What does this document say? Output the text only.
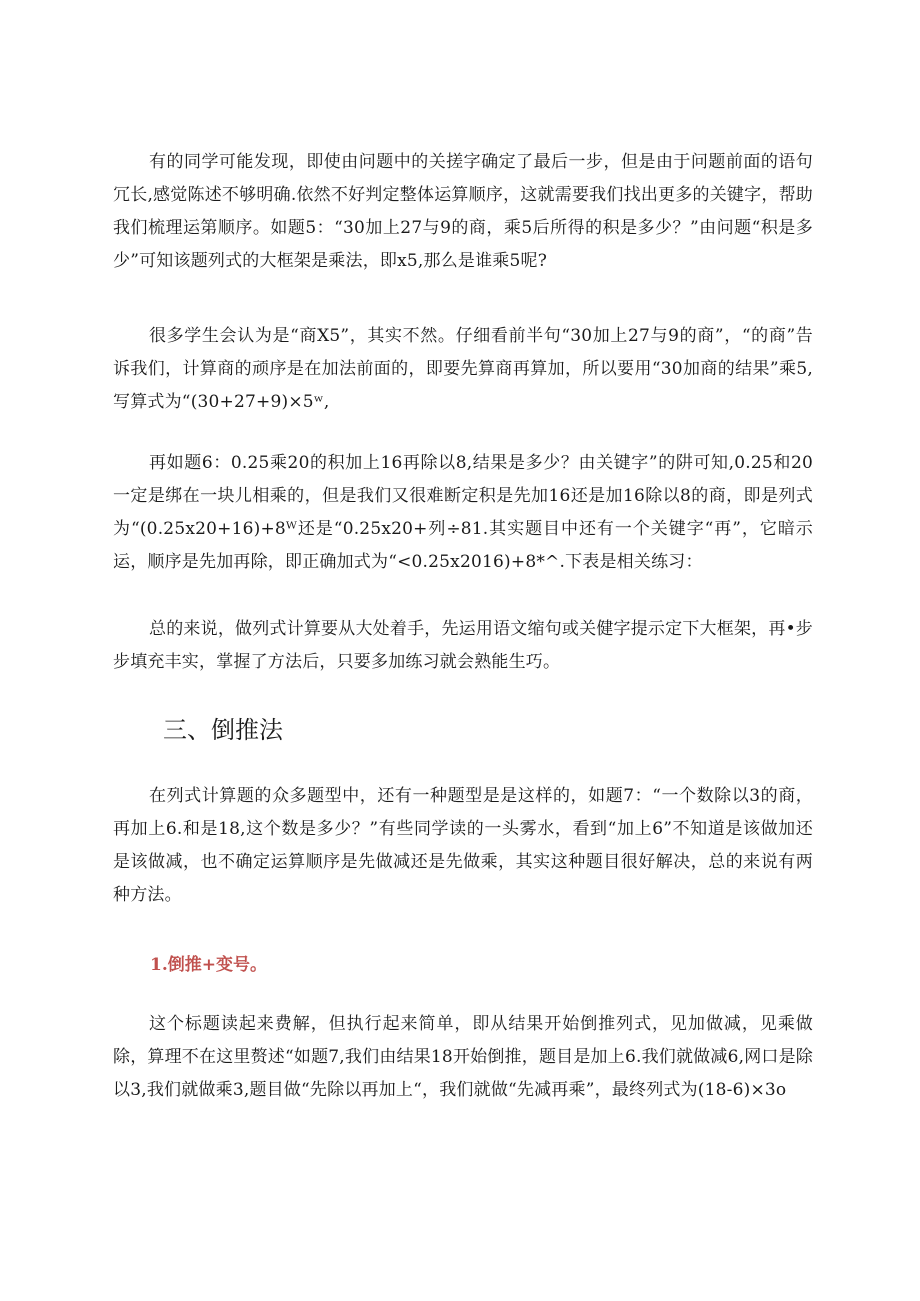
有的同学可能发现，即使由问题中的关搓字确定了最后一步，但是由于问题前面的语句冗长,感觉陈述不够明确.依然不好判定整体运算顺序，这就需要我们找出更多的关键字，帮助我们梳理运第顺序。如题5：“30加上27与9的商，乘5后所得的积是多少？”由问题“积是多少”可知该题列式的大框架是乘法，即x5,那么是谁乘5呢?

很多学生会认为是“商X5”，其实不然。仔细看前半句“30加上27与9的商”，“的商”告诉我们，计算商的顽序是在加法前面的，即要先算商再算加，所以要用“30加商的结果”乘5,写算式为“(30+27+9)×5ʷ,

再如题6：0.25乘20的积加上16再除以8,结果是多少？由关键字”的阱可知,0.25和20一定是绑在一块儿相乘的，但是我们又很难断定积是先加16还是加16除以8的商，即是列式为“(0.25x20+16)+8ᵂ还是“0.25x20+列÷81.其实题目中还有一个关键字“再”，它暗示运，顺序是先加再除，即正确加式为“<0.25x2016)+8*^.下表是相关练习：

总的来说，做列式计算要从大处着手，先运用语文缩句或关健字提示定下大框架，再•步步填充丰实，掌握了方法后，只要多加练习就会熟能生巧。

三、倒推法

在列式计算题的众多题型中，还有一种题型是是这样的，如题7：“一个数除以3的商，再加上6.和是18,这个数是多少？”有些同学读的一头雾水，看到“加上6”不知道是该做加还是该做减，也不确定运算顺序是先做减还是先做乘，其实这种题目很好解决，总的来说有两种方法。

1.倒推+变号。

这个标题读起来费解，但执行起来简单，即从结果开始倒推列式，见加做减，见乘做除，算理不在这里赘述“如题7,我们由结果18开始倒推，题目是加上6.我们就做减6,网口是除以3,我们就做乘3,题目做“先除以再加上“，我们就做“先减再乘”，最终列式为(18-6)×3o
